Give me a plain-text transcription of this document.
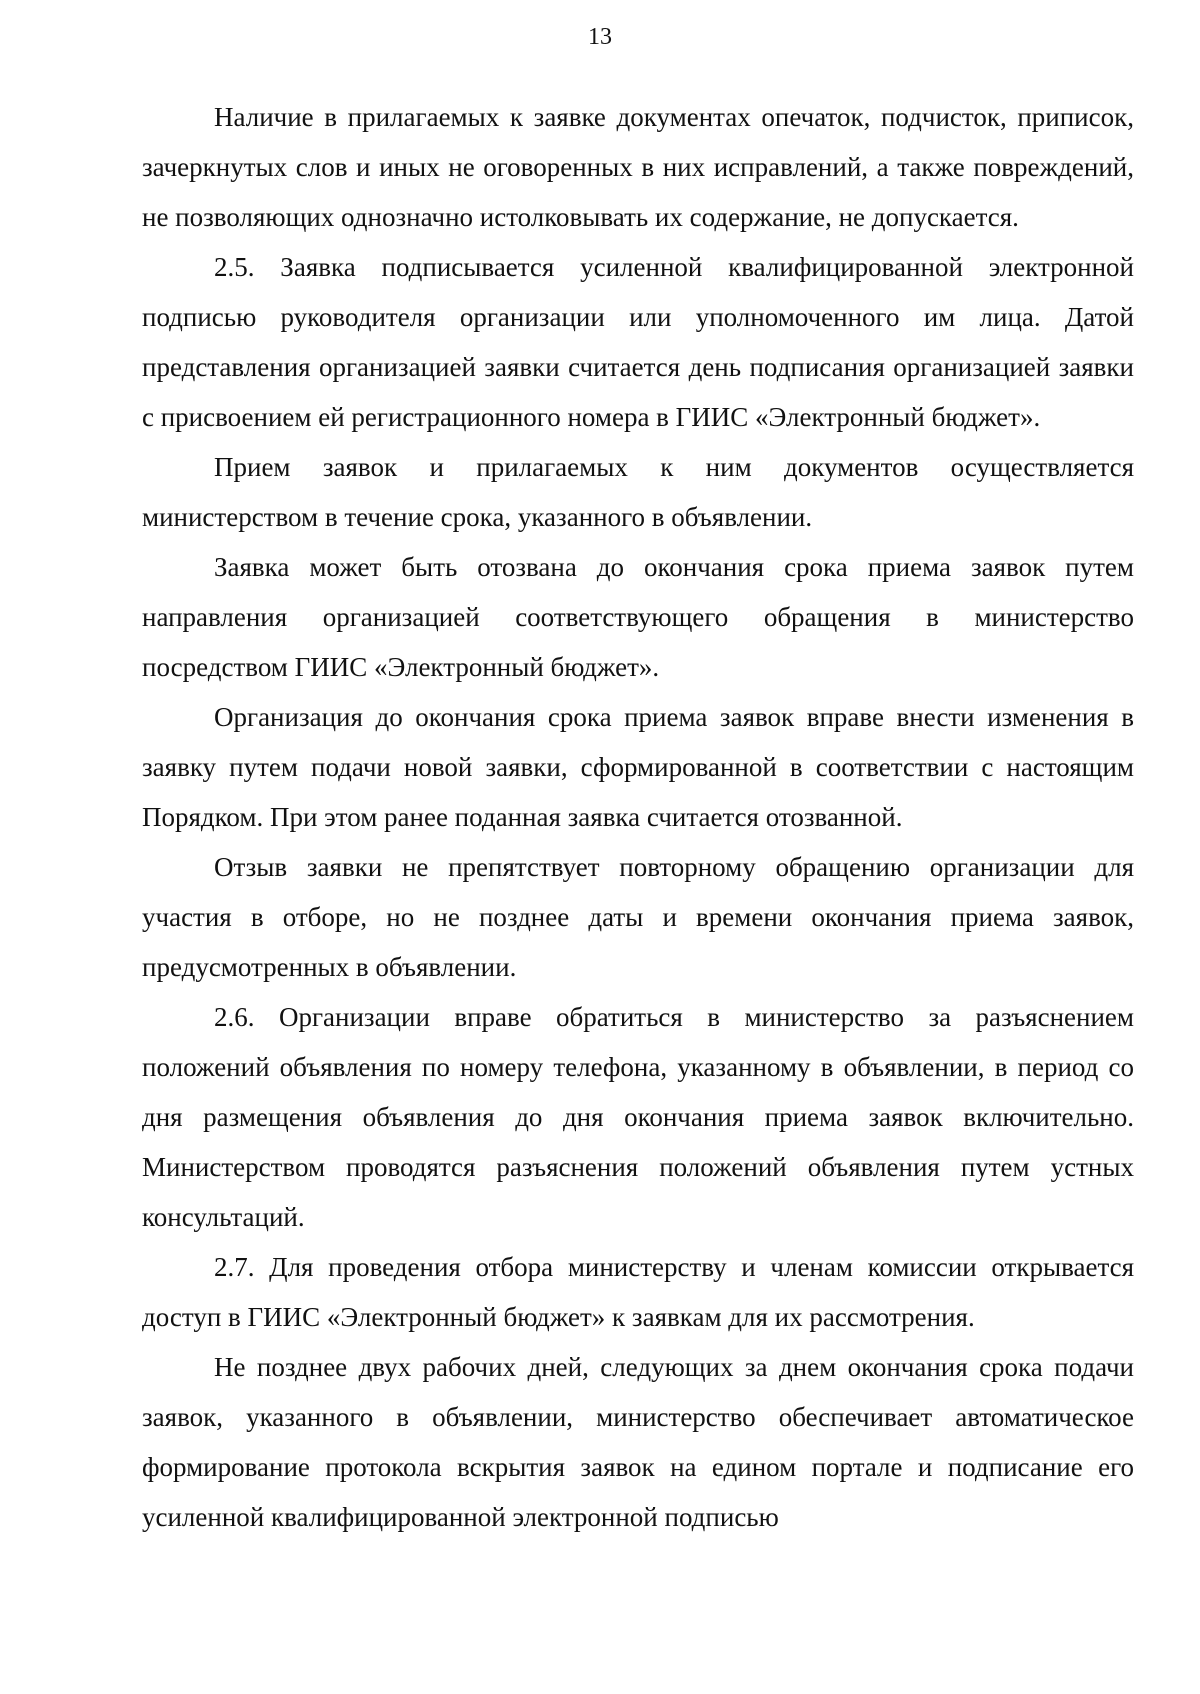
13

Наличие в прилагаемых к заявке документах опечаток, подчисток, приписок, зачеркнутых слов и иных не оговоренных в них исправлений, а также повреждений, не позволяющих однозначно истолковывать их содержание, не допускается.

2.5. Заявка подписывается усиленной квалифицированной электронной подписью руководителя организации или уполномоченного им лица. Датой представления организацией заявки считается день подписания организацией заявки с присвоением ей регистрационного номера в ГИИС «Электронный бюджет».

Прием заявок и прилагаемых к ним документов осуществляется министерством в течение срока, указанного в объявлении.

Заявка может быть отозвана до окончания срока приема заявок путем направления организацией соответствующего обращения в министерство посредством ГИИС «Электронный бюджет».

Организация до окончания срока приема заявок вправе внести изменения в заявку путем подачи новой заявки, сформированной в соответствии с настоящим Порядком. При этом ранее поданная заявка считается отозванной.

Отзыв заявки не препятствует повторному обращению организации для участия в отборе, но не позднее даты и времени окончания приема заявок, предусмотренных в объявлении.

2.6. Организации вправе обратиться в министерство за разъяснением положений объявления по номеру телефона, указанному в объявлении, в период со дня размещения объявления до дня окончания приема заявок включительно. Министерством проводятся разъяснения положений объявления путем устных консультаций.

2.7. Для проведения отбора министерству и членам комиссии открывается доступ в ГИИС «Электронный бюджет» к заявкам для их рассмотрения.

Не позднее двух рабочих дней, следующих за днем окончания срока подачи заявок, указанного в объявлении, министерство обеспечивает автоматическое формирование протокола вскрытия заявок на едином портале и подписание его усиленной квалифицированной электронной подписью
